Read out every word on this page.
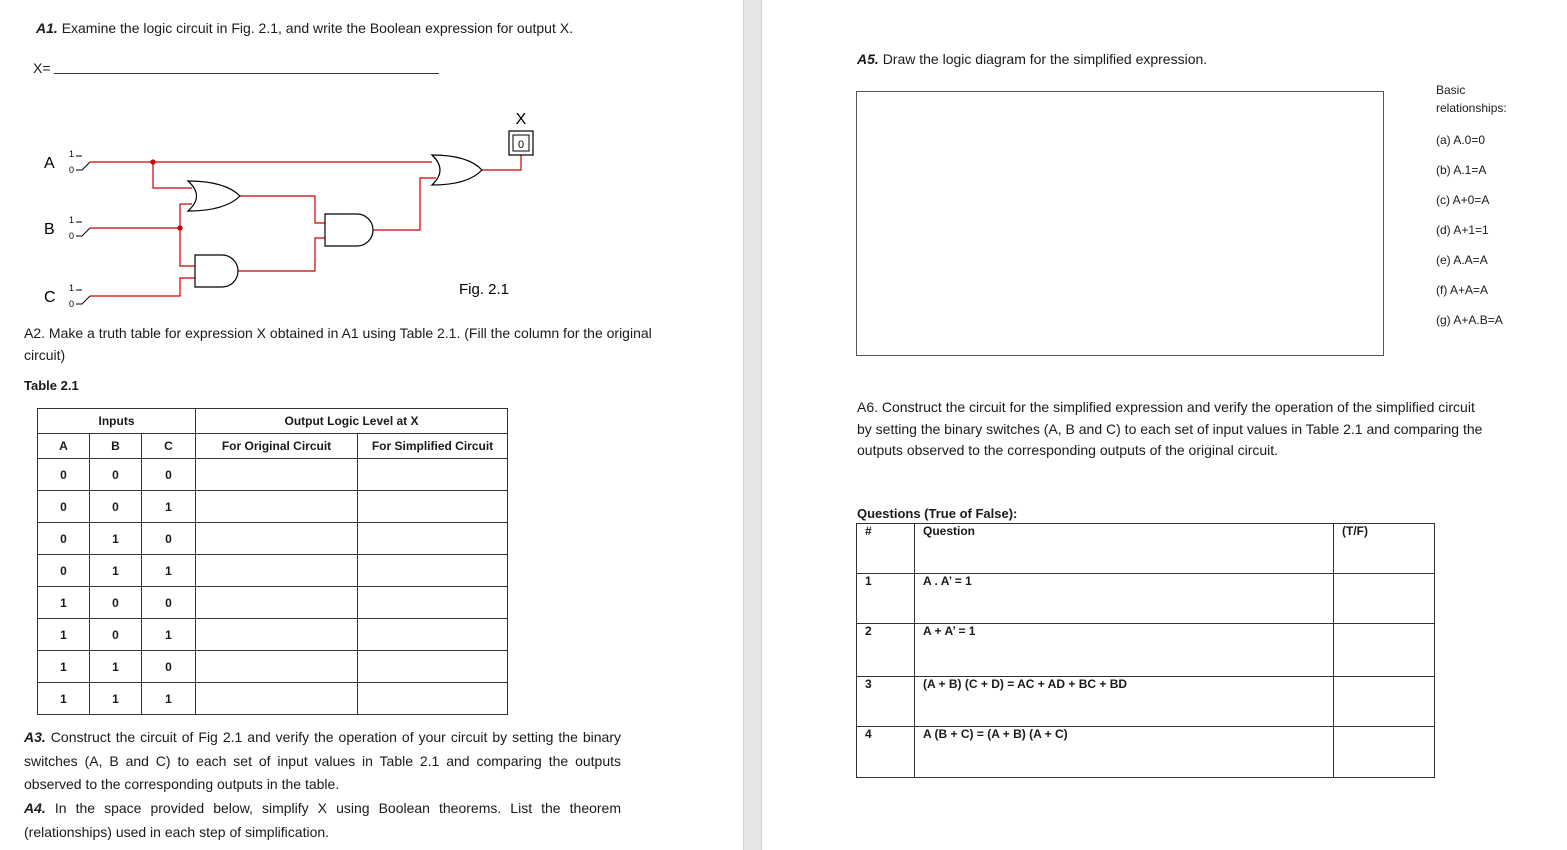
A1. Examine the logic circuit in Fig. 2.1, and write the Boolean expression for output X.
X=
0
X
A
1
0
B
1
0
C
1
0
Fig. 2.1
A2. Make a truth table for expression X obtained in A1 using Table 2.1. (Fill the column for the original circuit)
Table 2.1
Inputs			Output Logic Level at X	
A	B	C	For Original Circuit	For Simplified Circuit
0	0	0		
0	0	1		
0	1	0		
0	1	1		
1	0	0		
1	0	1		
1	1	0		
1	1	1		
A3. Construct the circuit of Fig 2.1 and verify the operation of your circuit by setting the binary switches (A, B and C) to each set of input values in Table 2.1 and comparing the outputs observed to the corresponding outputs in the table.
A4. In the space provided below, simplify X using Boolean theorems. List the theorem (relationships) used in each step of simplification.
A5. Draw the logic diagram for the simplified expression.
Basic relationships:
(a) A.0=0
(b) A.1=A
(c) A+0=A
(d) A+1=1
(e) A.A=A
(f) A+A=A
(g) A+A.B=A
A6. Construct the circuit for the simplified expression and verify the operation of the simplified circuit by setting the binary switches (A, B and C) to each set of input values in Table 2.1 and comparing the outputs observed to the corresponding outputs of the original circuit.
Questions (True of False):
#	Question	(T/F)
1	A . A’ = 1	
2	A + A’ = 1	
3	(A + B) (C + D) = AC + AD + BC + BD	
4	A (B + C) = (A + B) (A + C)	
